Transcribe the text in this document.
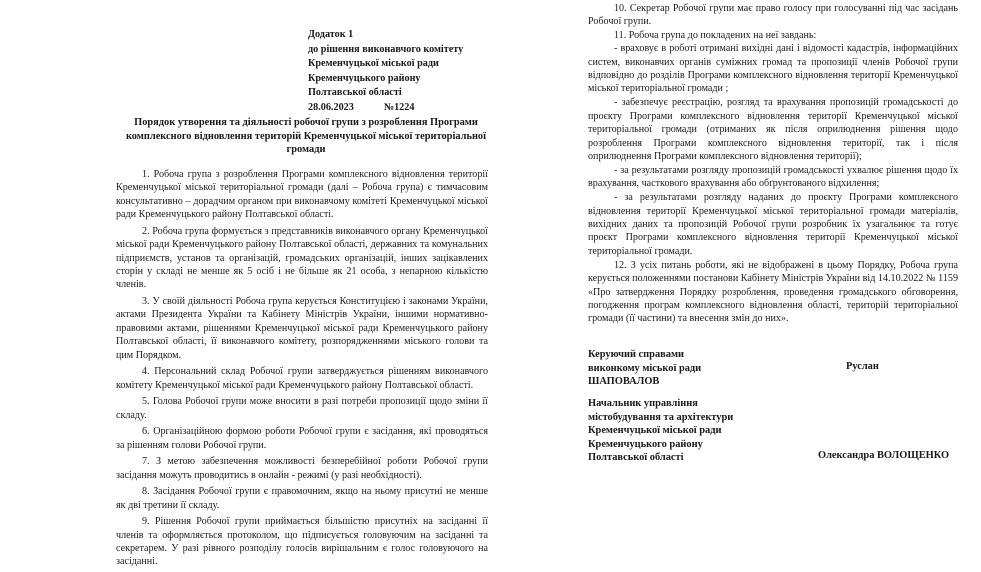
Додаток 1
до рішення виконавчого комітету
Кременчуцької міської ради
Кременчуцького району
Полтавської області
28.06.2023	№1224
Порядок утворення та діяльності робочої групи з розроблення Програми комплексного відновлення територій Кременчуцької міської територіальної громади

1. Робоча група з розроблення Програми комплексного відновлення території Кременчуцької міської територіальної громади (далі – Робоча група) є тимчасовим консультативно – дорадчим органом при виконавчому комітеті Кременчуцької міської ради Кременчуцького району Полтавської області.

2. Робоча група формується з представників виконавчого органу Кременчуцької міської ради Кременчуцького району Полтавської області, державних та комунальних підприємств, установ та організацій, громадських організацій, інших зацікавлених сторін у складі не менше як 5 осіб і не більше як 21 особа, з непарною кількістю членів.

3. У своїй діяльності Робоча група керується Конституцією і законами України, актами Президента України та Кабінету Міністрів України, іншими нормативно-правовими актами, рішеннями Кременчуцької міської ради Кременчуцького району Полтавської області, її виконавчого комітету, розпорядженнями міського голови та цим Порядком.

4. Персональний склад Робочої групи затверджується рішенням виконавчого комітету Кременчуцької міської ради Кременчуцького району Полтавської області.

5. Голова Робочої групи може вносити в разі потреби пропозиції щодо зміни її складу.

6. Організаційною формою роботи Робочої групи є засідання, які проводяться за рішенням голови Робочої групи.

7. З метою забезпечення можливості безперебійної роботи Робочої групи засідання можуть проводитись в онлайн - режимі (у разі необхідності).

8. Засідання Робочої групи є правомочним, якщо на ньому присутні не менше як дві третини її складу.

9. Рішення Робочої групи приймається більшістю присутніх на засіданні її членів та оформляється протоколом, що підписується головуючим на засіданні та секретарем. У разі рівного розподілу голосів вирішальним є голос головуючого на засіданні.

10. Секретар Робочої групи має право голосу при голосуванні під час засідань Робочої групи.

11. Робоча група до покладених на неї завдань:

- враховує в роботі отримані вихідні дані і відомості кадастрів, інформаційних систем, виконавчих органів суміжних громад та пропозиції членів Робочої групи відповідно до розділів Програми комплексного відновлення території Кременчуцької міської територіальної громади ;

- забезпечує реєстрацію, розгляд та врахування пропозицій громадськості до проєкту Програми комплексного відновлення території Кременчуцької міської територіальної громади (отриманих як після оприлюднення рішення щодо розроблення Програми комплексного відновлення території, так і після оприлюднення Програми комплексного відновлення території);

- за результатами розгляду пропозицій громадськості ухвалює рішення щодо їх врахування, часткового врахування або обґрунтованого відхилення;

- за результатами розгляду наданих до проєкту Програми комплексного відновлення території Кременчуцької міської територіальної громади матеріалів, вихідних даних та пропозицій Робочої групи розробник їх узагальнює та готує проєкт Програми комплексного відновлення території Кременчуцької міської територіальної громади.

12. З усіх питань роботи, які не відображені в цьому Порядку, Робоча група керується положеннями постанови Кабінету Міністрів України від 14.10.2022 № 1159 «Про затвердження Порядку розроблення, проведення громадського обговорення, погодження програм комплексного відновлення області, територій територіальної громади (її частини) та внесення змін до них».

Керуючий справами
виконкому міської ради
ШАПОВАЛОВ
Руслан
Начальник управління
містобудування та архітектури
Кременчуцької міської ради
Кременчуцького району
Полтавської області	Олександра ВОЛОЩЕНКО
